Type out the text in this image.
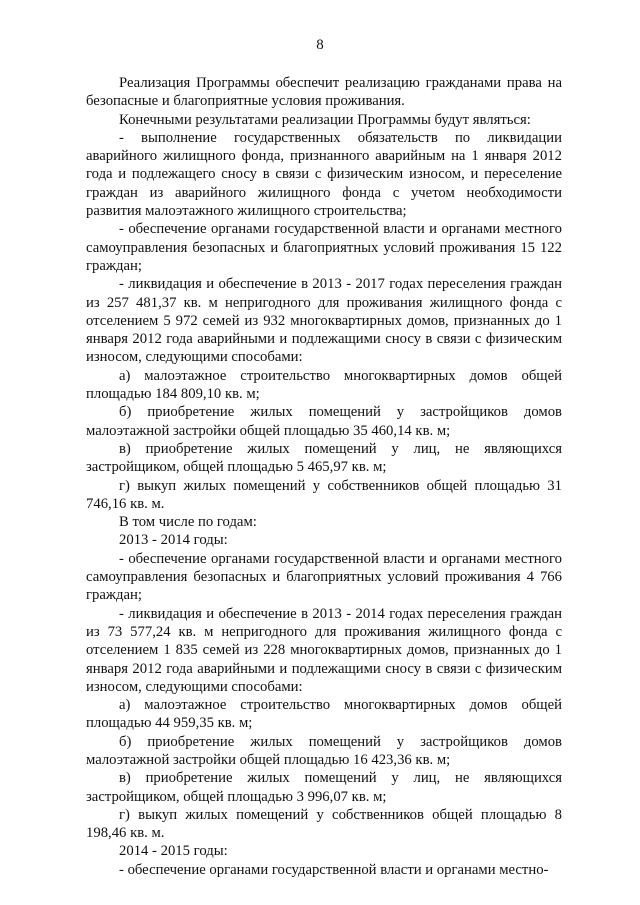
8

Реализация Программы обеспечит реализацию гражданами права на безопасные и благоприятные условия проживания.

Конечными результатами реализации Программы будут являться:

- выполнение государственных обязательств по ликвидации аварийного жилищного фонда, признанного аварийным на 1 января 2012 года и подлежащего сносу в связи с физическим износом, и переселение граждан из аварийного жилищного фонда с учетом необходимости развития малоэтажного жилищного строительства;

- обеспечение органами государственной власти и органами местного самоуправления безопасных и благоприятных условий проживания 15 122 граждан;

- ликвидация и обеспечение в 2013 - 2017 годах переселения граждан из 257 481,37 кв. м непригодного для проживания жилищного фонда с отселением 5 972 семей из 932 многоквартирных домов, признанных до 1 января 2012 года аварийными и подлежащими сносу в связи с физическим износом, следующими способами:

а) малоэтажное строительство многоквартирных домов общей площадью 184 809,10 кв. м;

б) приобретение жилых помещений у застройщиков домов малоэтажной застройки общей площадью 35 460,14 кв. м;

в) приобретение жилых помещений у лиц, не являющихся застройщиком, общей площадью 5 465,97 кв. м;

г) выкуп жилых помещений у собственников общей площадью 31 746,16 кв. м.

В том числе по годам:

2013 - 2014 годы:

- обеспечение органами государственной власти и органами местного самоуправления безопасных и благоприятных условий проживания 4 766 граждан;

- ликвидация и обеспечение в 2013 - 2014 годах переселения граждан из 73 577,24 кв. м непригодного для проживания жилищного фонда с отселением 1 835 семей из 228 многоквартирных домов, признанных до 1 января 2012 года аварийными и подлежащими сносу в связи с физическим износом, следующими способами:

а) малоэтажное строительство многоквартирных домов общей площадью 44 959,35 кв. м;

б) приобретение жилых помещений у застройщиков домов малоэтажной застройки общей площадью 16 423,36 кв. м;

в) приобретение жилых помещений у лиц, не являющихся застройщиком, общей площадью 3 996,07 кв. м;

г) выкуп жилых помещений у собственников общей площадью 8 198,46 кв. м.

2014 - 2015 годы:

- обеспечение органами государственной власти и органами местно-
